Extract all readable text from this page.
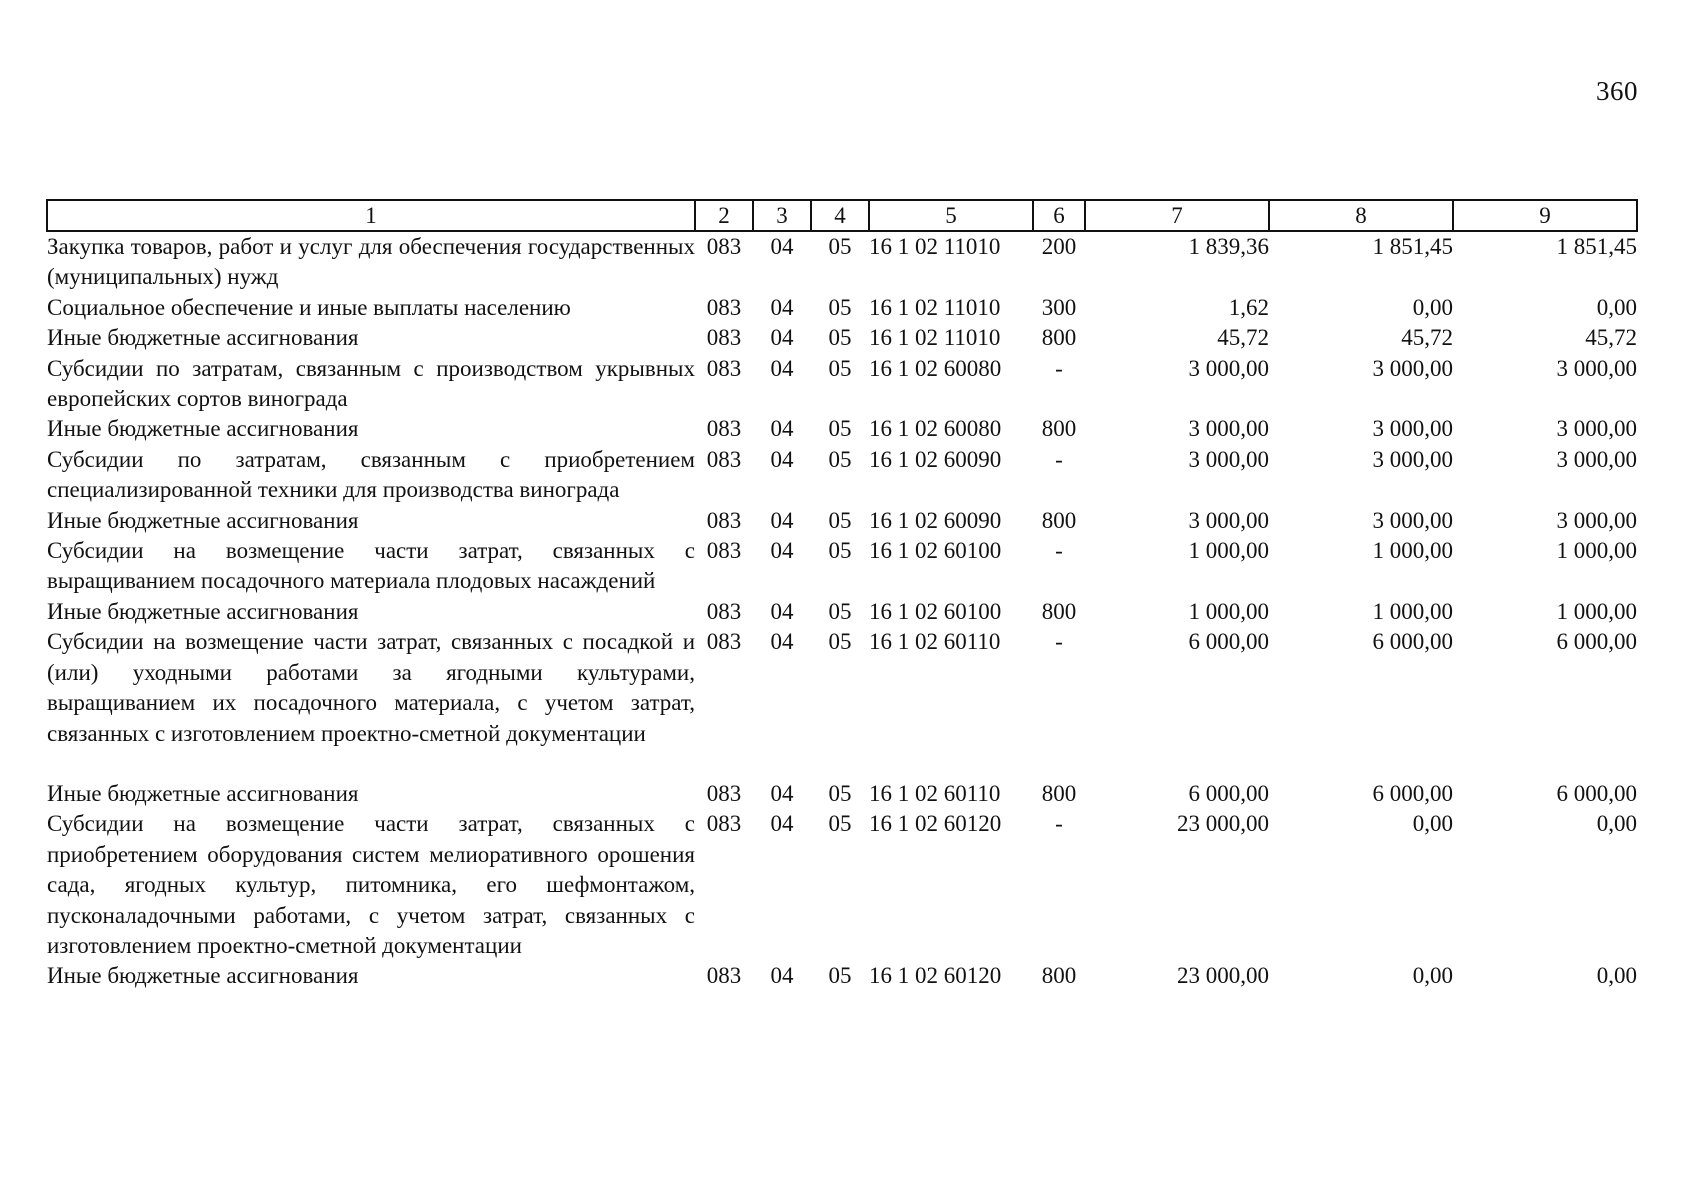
360
1	2	3	4	5	6	7	8	9
Закупка товаров, работ и услуг для обеспечения государственных (муниципальных) нужд	083	04	05	16 1 02 11010	200	1 839,36	1 851,45	1 851,45
Социальное обеспечение и иные выплаты населению	083	04	05	16 1 02 11010	300	1,62	0,00	0,00
Иные бюджетные ассигнования	083	04	05	16 1 02 11010	800	45,72	45,72	45,72
Субсидии по затратам, связанным с производством укрывных европейских сортов винограда	083	04	05	16 1 02 60080	-	3 000,00	3 000,00	3 000,00
Иные бюджетные ассигнования	083	04	05	16 1 02 60080	800	3 000,00	3 000,00	3 000,00
Субсидии по затратам, связанным с приобретением специализированной техники для производства винограда	083	04	05	16 1 02 60090	-	3 000,00	3 000,00	3 000,00
Иные бюджетные ассигнования	083	04	05	16 1 02 60090	800	3 000,00	3 000,00	3 000,00
Субсидии на возмещение части затрат, связанных с выращиванием посадочного материала плодовых насаждений	083	04	05	16 1 02 60100	-	1 000,00	1 000,00	1 000,00
Иные бюджетные ассигнования	083	04	05	16 1 02 60100	800	1 000,00	1 000,00	1 000,00
Субсидии на возмещение части затрат, связанных с посадкой и (или) уходными работами за ягодными культурами, выращиванием их посадочного материала, с учетом затрат, связанных с изготовлением проектно-сметной документации	083	04	05	16 1 02 60110	-	6 000,00	6 000,00	6 000,00

Иные бюджетные ассигнования	083	04	05	16 1 02 60110	800	6 000,00	6 000,00	6 000,00
Субсидии на возмещение части затрат, связанных с приобретением оборудования систем мелиоративного орошения сада, ягодных культур, питомника, его шефмонтажом, пусконаладочными работами, с учетом затрат, связанных с изготовлением проектно-сметной документации	083	04	05	16 1 02 60120	-	23 000,00	0,00	0,00
Иные бюджетные ассигнования	083	04	05	16 1 02 60120	800	23 000,00	0,00	0,00
